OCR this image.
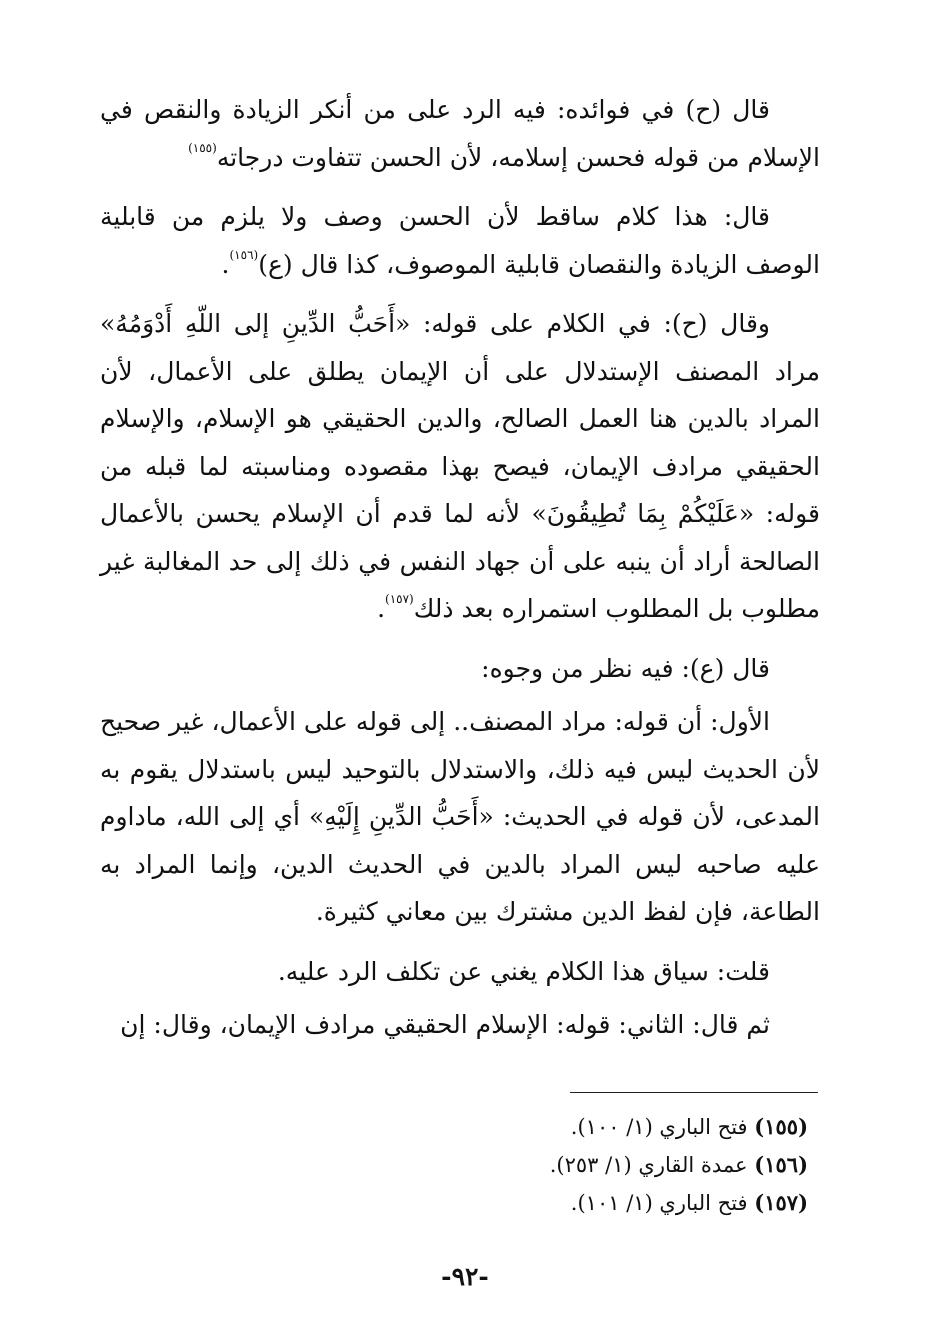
قال (ح) في فوائده: فيه الرد على من أنكر الزيادة والنقص في الإسلام من قوله فحسن إسلامه، لأن الحسن تتفاوت درجاته$^{(١٥٥)}$

قال: هذا كلام ساقط لأن الحسن وصف ولا يلزم من قابلية الوصف الزيادة والنقصان قابلية الموصوف، كذا قال (ع)$^{(١٥٦)}$.

وقال (ح): في الكلام على قوله: «أَحَبُّ الدِّينِ إلى اللّهِ أَدْوَمُهُ» مراد المصنف الإستدلال على أن الإيمان يطلق على الأعمال، لأن المراد بالدين هنا العمل الصالح، والدين الحقيقي هو الإسلام، والإسلام الحقيقي مرادف الإيمان، فيصح بهذا مقصوده ومناسبته لما قبله من قوله: «عَلَيْكُمْ بِمَا تُطِيقُونَ» لأنه لما قدم أن الإسلام يحسن بالأعمال الصالحة أراد أن ينبه على أن جهاد النفس في ذلك إلى حد المغالبة غير مطلوب بل المطلوب استمراره بعد ذلك$^{(١٥٧)}$.

قال (ع): فيه نظر من وجوه:

الأول: أن قوله: مراد المصنف.. إلى قوله على الأعمال، غير صحيح لأن الحديث ليس فيه ذلك، والاستدلال بالتوحيد ليس باستدلال يقوم به المدعى، لأن قوله في الحديث: «أَحَبُّ الدِّينِ إِلَيْهِ» أي إلى الله، ماداوم عليه صاحبه ليس المراد بالدين في الحديث الدين، وإنما المراد به الطاعة، فإن لفظ الدين مشترك بين معاني كثيرة.

قلت: سياق هذا الكلام يغني عن تكلف الرد عليه.

ثم قال: الثاني: قوله: الإسلام الحقيقي مرادف الإيمان، وقال: إن

(١٥٥) فتح الباري (١/ ١٠٠).

(١٥٦) عمدة القاري (١/ ٢٥٣).

(١٥٧) فتح الباري (١/ ١٠١).

-٩٢-
